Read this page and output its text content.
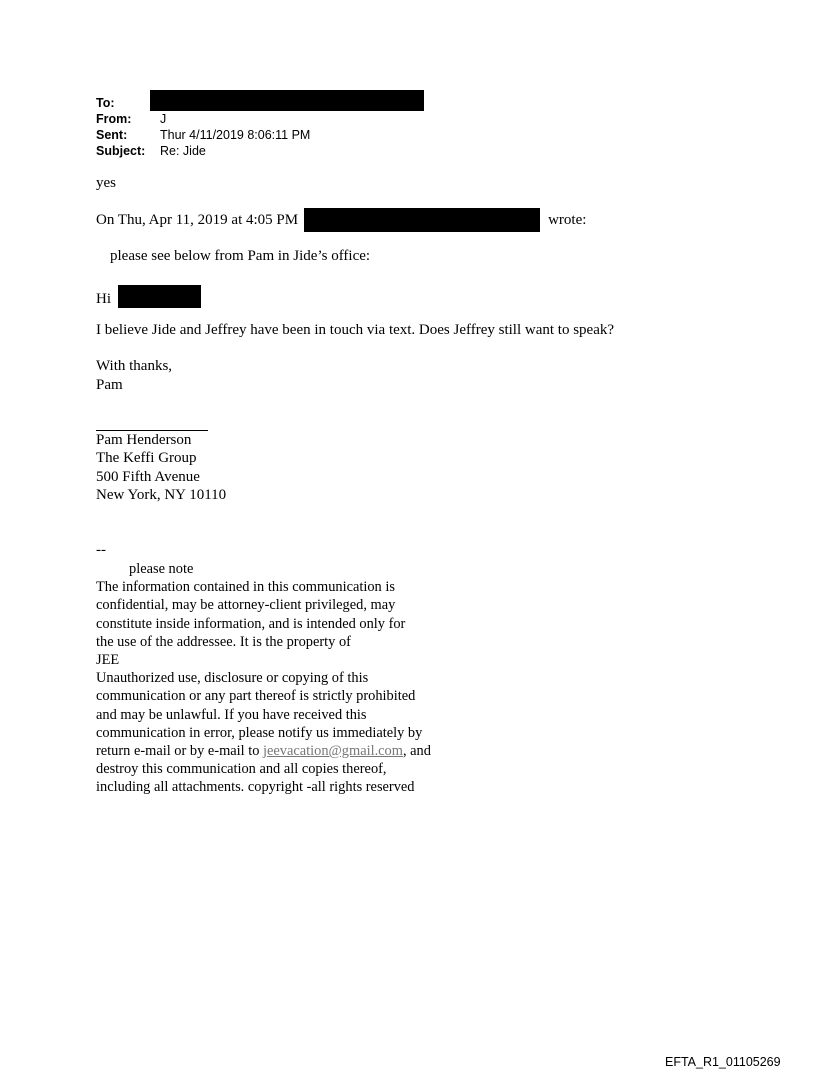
To:
From:	J
Sent:	Thur 4/11/2019 8:06:11 PM
Subject:	Re: Jide
yes
On Thu, Apr 11, 2019 at 4:05 PM	wrote:
please see below from Pam in Jide’s office:
Hi
I believe Jide and Jeffrey have been in touch via text. Does Jeffrey still want to speak?
With thanks,
Pam
Pam Henderson
The Keffi Group
500 Fifth Avenue
New York, NY 10110
--
please note
The information contained in this communication is
confidential, may be attorney-client privileged, may
constitute inside information, and is intended only for
the use of the addressee. It is the property of
JEE
Unauthorized use, disclosure or copying of this
communication or any part thereof is strictly prohibited
and may be unlawful. If you have received this
communication in error, please notify us immediately by
return e-mail or by e-mail to jeevacation@gmail.com, and
destroy this communication and all copies thereof,
including all attachments. copyright -all rights reserved
EFTA_R1_01105269
